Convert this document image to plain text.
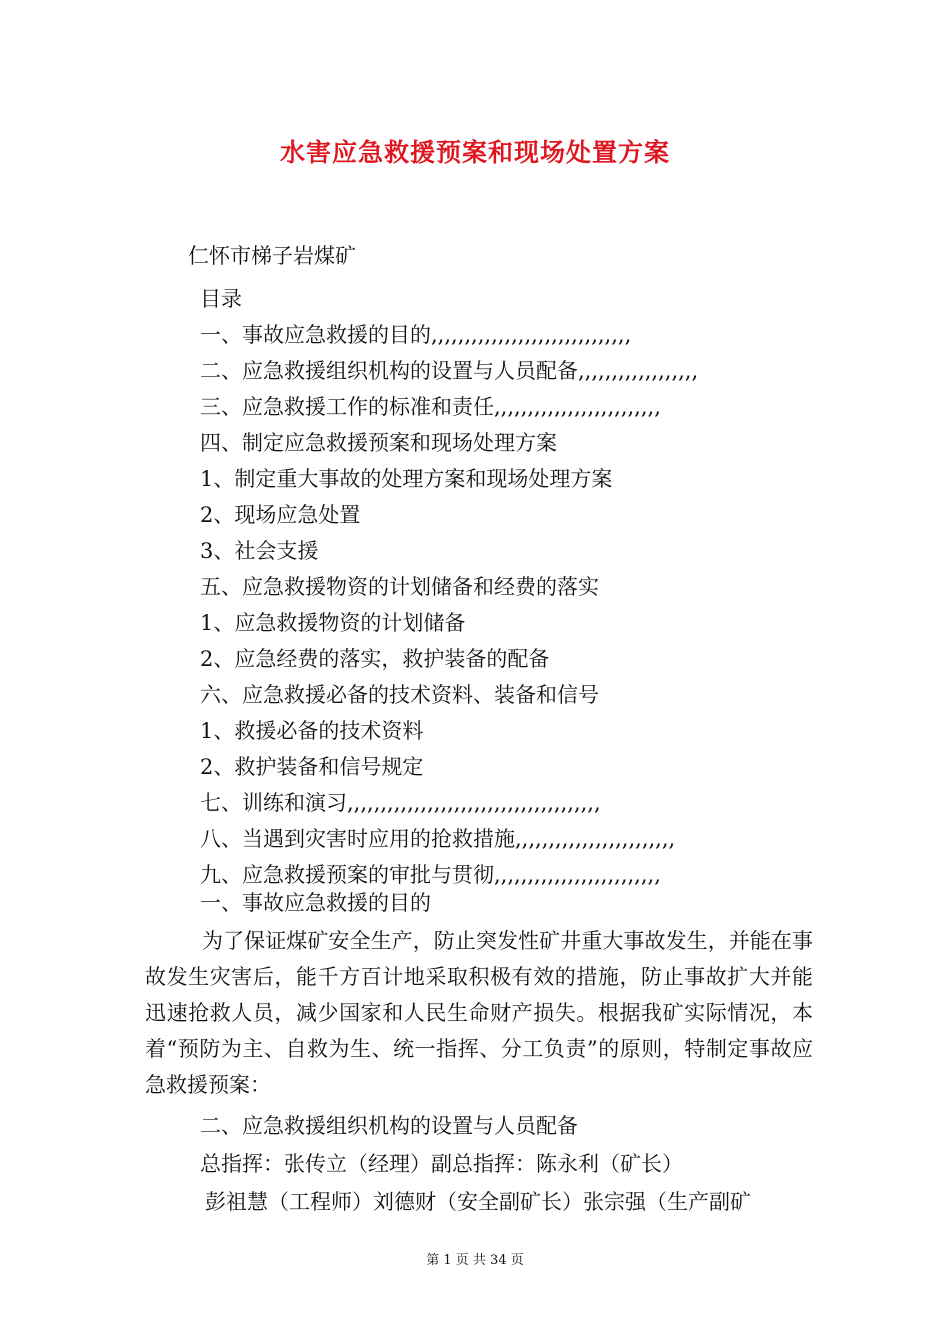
水害应急救援预案和现场处置方案
仁怀市梯子岩煤矿
目录
一、事故应急救援的目的,,,,,,,,,,,,,,,,,,,,,,,,,,,,,,
二、应急救援组织机构的设置与人员配备,,,,,,,,,,,,,,,,,,
三、应急救援工作的标准和责任,,,,,,,,,,,,,,,,,,,,,,,,,
四、制定应急救援预案和现场处理方案
1、制定重大事故的处理方案和现场处理方案
2、现场应急处置
3、社会支援
五、应急救援物资的计划储备和经费的落实
1、应急救援物资的计划储备
2、应急经费的落实，救护装备的配备
六、应急救援必备的技术资料、装备和信号
1、救援必备的技术资料
2、救护装备和信号规定
七、训练和演习,,,,,,,,,,,,,,,,,,,,,,,,,,,,,,,,,,,,,,
八、当遇到灾害时应用的抢救措施,,,,,,,,,,,,,,,,,,,,,,,,
九、应急救援预案的审批与贯彻,,,,,,,,,,,,,,,,,,,,,,,,,
一、事故应急救援的目的

为了保证煤矿安全生产，防止突发性矿井重大事故发生，并能在事故发生灾害后，能千方百计地采取积极有效的措施，防止事故扩大并能迅速抢救人员，减少国家和人民生命财产损失。根据我矿实际情况，本着“预防为主、自救为生、统一指挥、分工负责”的原则，特制定事故应急救援预案：

二、应急救援组织机构的设置与人员配备
总指挥：张传立（经理）副总指挥：陈永利（矿长）
彭祖慧（工程师）刘德财（安全副矿长）张宗强（生产副矿
第 1 页 共 34 页
